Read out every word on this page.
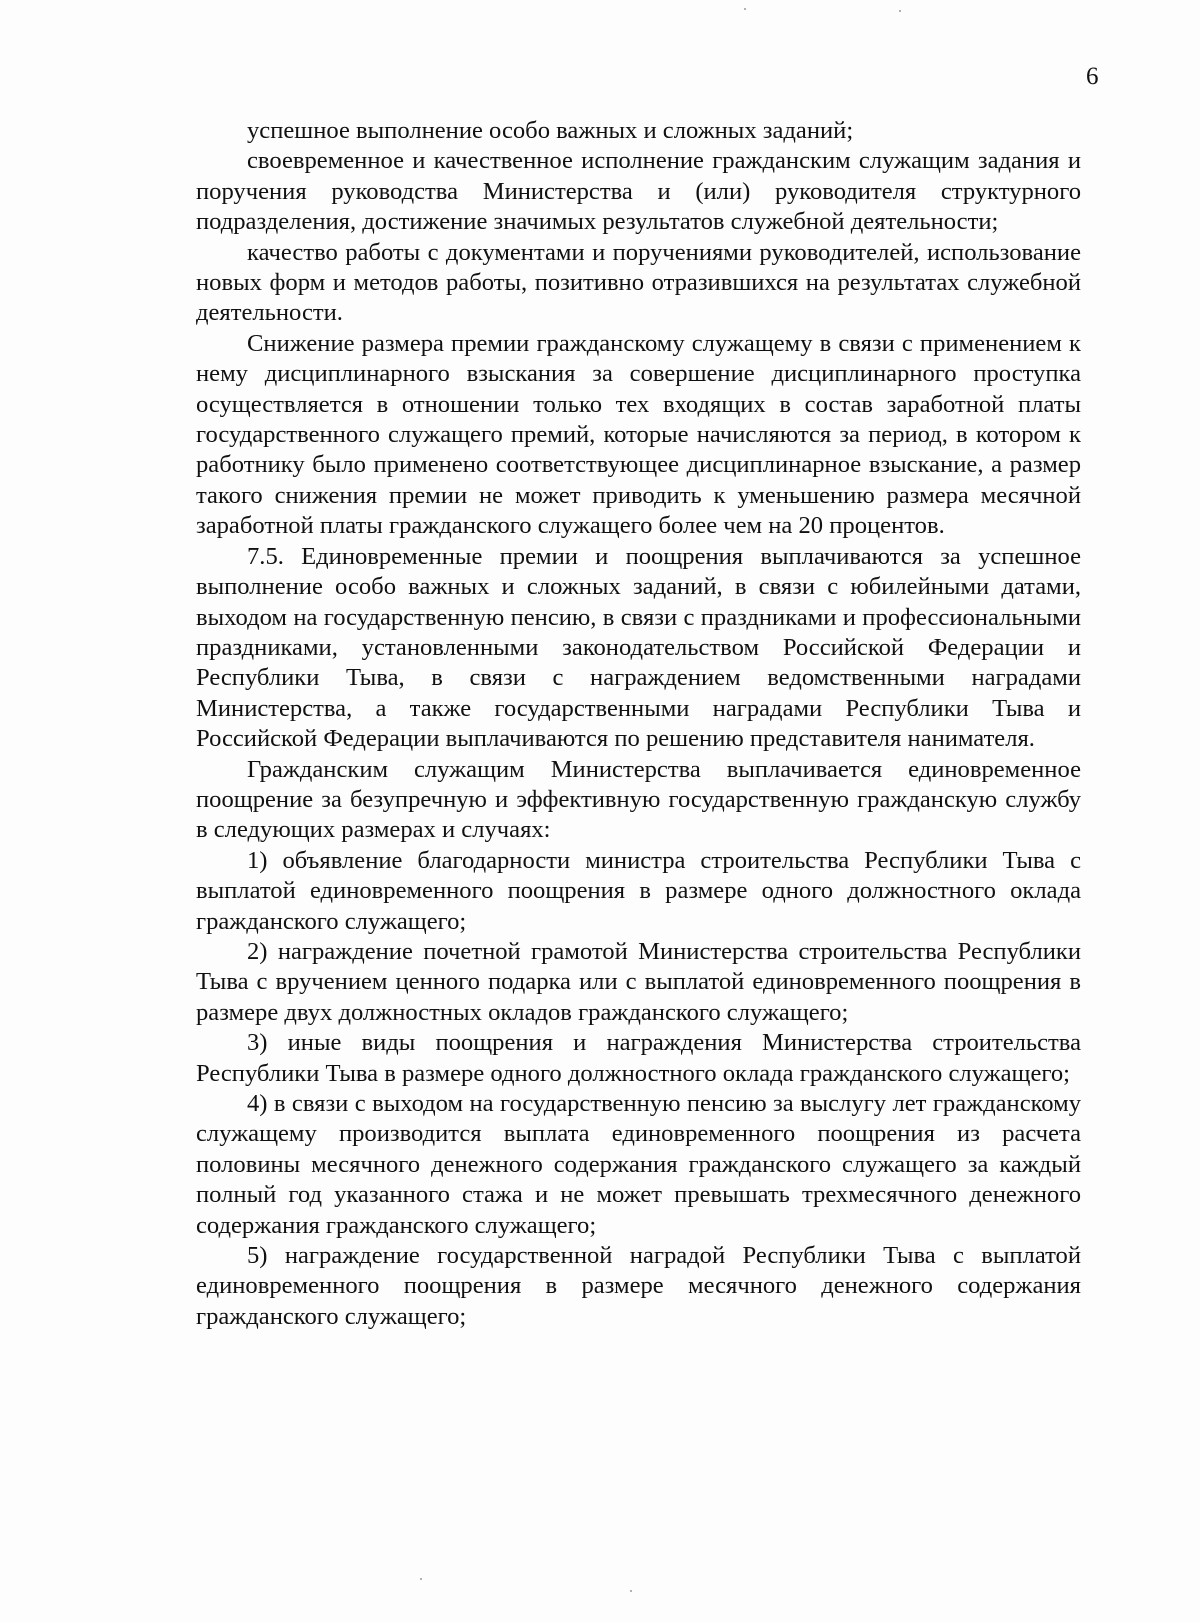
6

успешное выполнение особо важных и сложных заданий;

своевременное и качественное исполнение гражданским служащим задания и поручения руководства Министерства и (или) руководителя структурного подразделения, достижение значимых результатов служебной деятельности;

качество работы с документами и поручениями руководителей, использование новых форм и методов работы, позитивно отразившихся на результатах служебной деятельности.

Снижение размера премии гражданскому служащему в связи с применением к нему дисциплинарного взыскания за совершение дисциплинарного проступка осуществляется в отношении только тех входящих в состав заработной платы государственного служащего премий, которые начисляются за период, в котором к работнику было применено соответствующее дисциплинарное взыскание, а размер такого снижения премии не может приводить к уменьшению размера месячной заработной платы гражданского служащего более чем на 20 процентов.

7.5. Единовременные премии и поощрения выплачиваются за успешное выполнение особо важных и сложных заданий, в связи с юбилейными датами, выходом на государственную пенсию, в связи с праздниками и профессиональными праздниками, установленными законодательством Российской Федерации и Республики Тыва, в связи с награждением ведомственными наградами Министерства, а также государственными наградами Республики Тыва и Российской Федерации выплачиваются по решению представителя нанимателя.

Гражданским служащим Министерства выплачивается единовременное поощрение за безупречную и эффективную государственную гражданскую службу в следующих размерах и случаях:

1) объявление благодарности министра строительства Республики Тыва с выплатой единовременного поощрения в размере одного должностного оклада гражданского служащего;

2) награждение почетной грамотой Министерства строительства Республики Тыва с вручением ценного подарка или с выплатой единовременного поощрения в размере двух должностных окладов гражданского служащего;

3) иные виды поощрения и награждения Министерства строительства Республики Тыва в размере одного должностного оклада гражданского служащего;

4) в связи с выходом на государственную пенсию за выслугу лет гражданскому служащему производится выплата единовременного поощрения из расчета половины месячного денежного содержания гражданского служащего за каждый полный год указанного стажа и не может превышать трехмесячного денежного содержания гражданского служащего;

5) награждение государственной наградой Республики Тыва с выплатой единовременного поощрения в размере месячного денежного содержания гражданского служащего;
